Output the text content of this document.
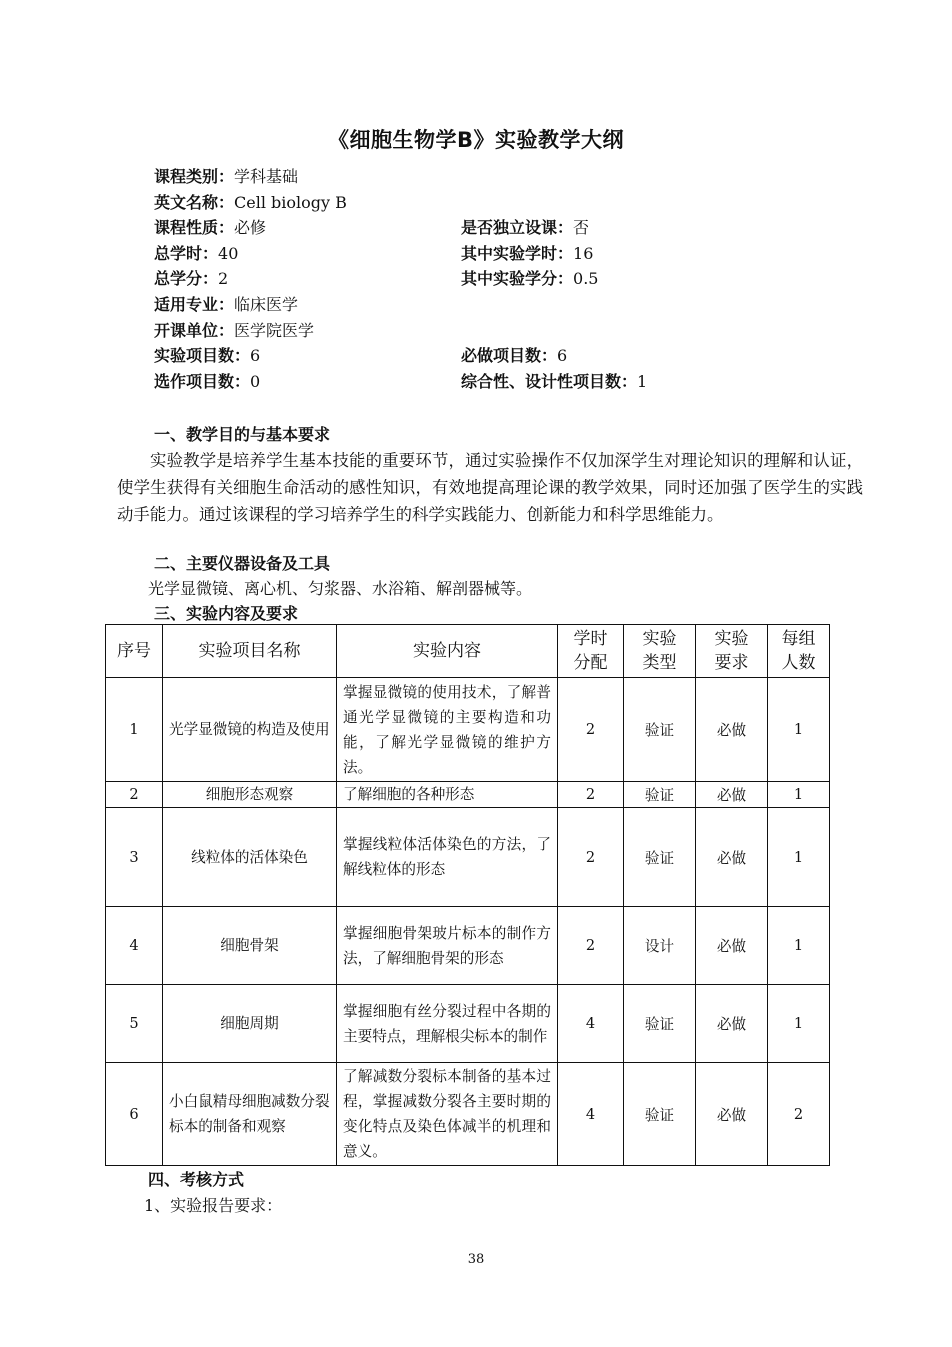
《细胞生物学B》实验教学大纲
课程类别：学科基础
英文名称：Cell biology B
课程性质：必修	是否独立设课：否
总学时：40	其中实验学时：16
总学分：2	其中实验学分：0.5
适用专业：临床医学
开课单位：医学院医学
实验项目数：6	必做项目数：6
选作项目数：0	综合性、设计性项目数：1
一、教学目的与基本要求
实验教学是培养学生基本技能的重要环节，通过实验操作不仅加深学生对理论知识的理解和认证，使学生获得有关细胞生命活动的感性知识，有效地提高理论课的教学效果，同时还加强了医学生的实践动手能力。通过该课程的学习培养学生的科学实践能力、创新能力和科学思维能力。
二、主要仪器设备及工具
光学显微镜、离心机、匀浆器、水浴箱、解剖器械等。
三、实验内容及要求
序号	实验项目名称	实验内容	学时分配	实验类型	实验要求	每组人数
1	光学显微镜的构造及使用	掌握显微镜的使用技术，了解普通光学显微镜的主要构造和功能，了解光学显微镜的维护方法。	2	验证	必做	1
2	细胞形态观察	了解细胞的各种形态	2	验证	必做	1
3	线粒体的活体染色	掌握线粒体活体染色的方法，了解线粒体的形态	2	验证	必做	1
4	细胞骨架	掌握细胞骨架玻片标本的制作方法，了解细胞骨架的形态	2	设计	必做	1
5	细胞周期	掌握细胞有丝分裂过程中各期的主要特点，理解根尖标本的制作	4	验证	必做	1
6	小白鼠精母细胞减数分裂标本的制备和观察	了解减数分裂标本制备的基本过程，掌握减数分裂各主要时期的变化特点及染色体减半的机理和意义。	4	验证	必做	2
四、考核方式
1、实验报告要求：
38
